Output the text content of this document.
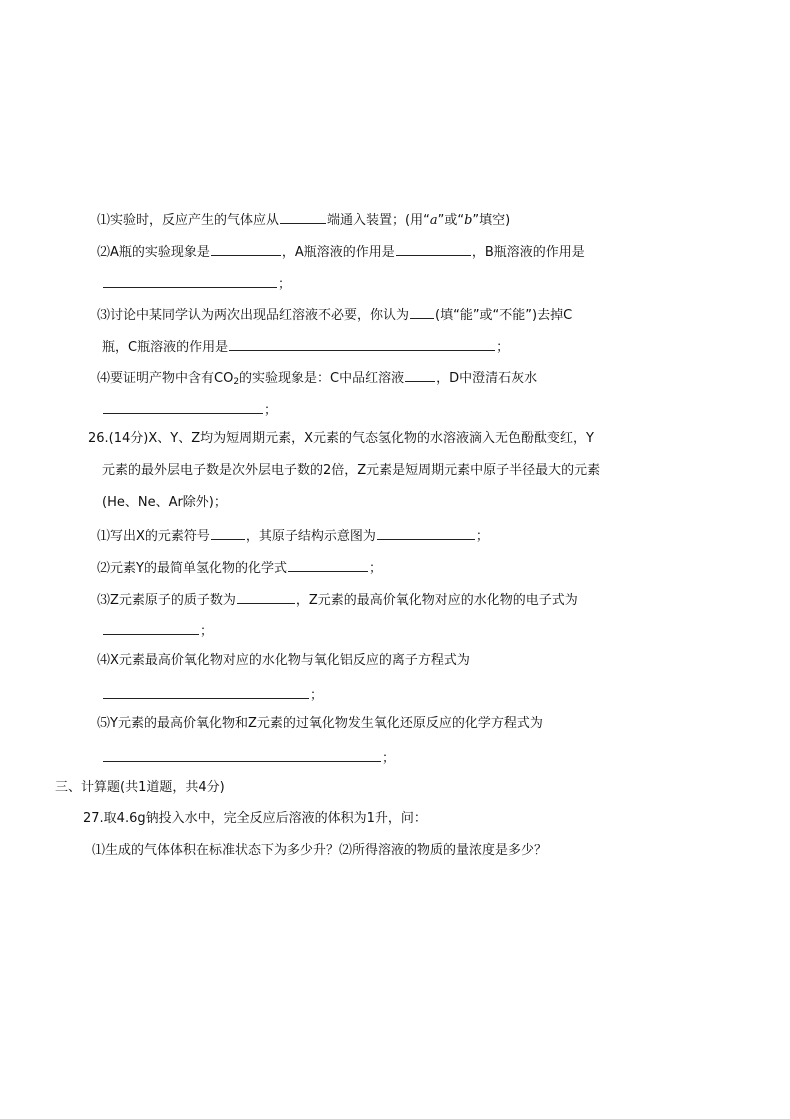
⑴实验时，反应产生的气体应从	端通入装置；(用“a”或“b”填空)
⑵A瓶的实验现象是	，A瓶溶液的作用是	，B瓶溶液的作用是
；
⑶讨论中某同学认为两次出现品红溶液不必要，你认为 (填“能”或“不能”)去掉C
瓶，C瓶溶液的作用是	；
⑷要证明产物中含有$CO_2$的实验现象是：C中品红溶液 ，D中澄清石灰水
；
26.(14分)X、Y、Z均为短周期元素，X元素的气态氢化物的水溶液滴入无色酚酞变红，Y
元素的最外层电子数是次外层电子数的2倍，Z元素是短周期元素中原子半径最大的元素
(He、Ne、Ar除外)；
⑴写出X的元素符号	，其原子结构示意图为	；
⑵元素Y的最简单氢化物的化学式	；
⑶Z元素原子的质子数为	，Z元素的最高价氧化物对应的水化物的电子式为
；
⑷X元素最高价氧化物对应的水化物与氧化铝反应的离子方程式为
；
⑸Y元素的最高价氧化物和Z元素的过氧化物发生氧化还原反应的化学方程式为
；
三、计算题(共1道题，共4分)
27.取4.6g钠投入水中，完全反应后溶液的体积为1升，问：
⑴生成的气体体积在标准状态下为多少升？⑵所得溶液的物质的量浓度是多少？
